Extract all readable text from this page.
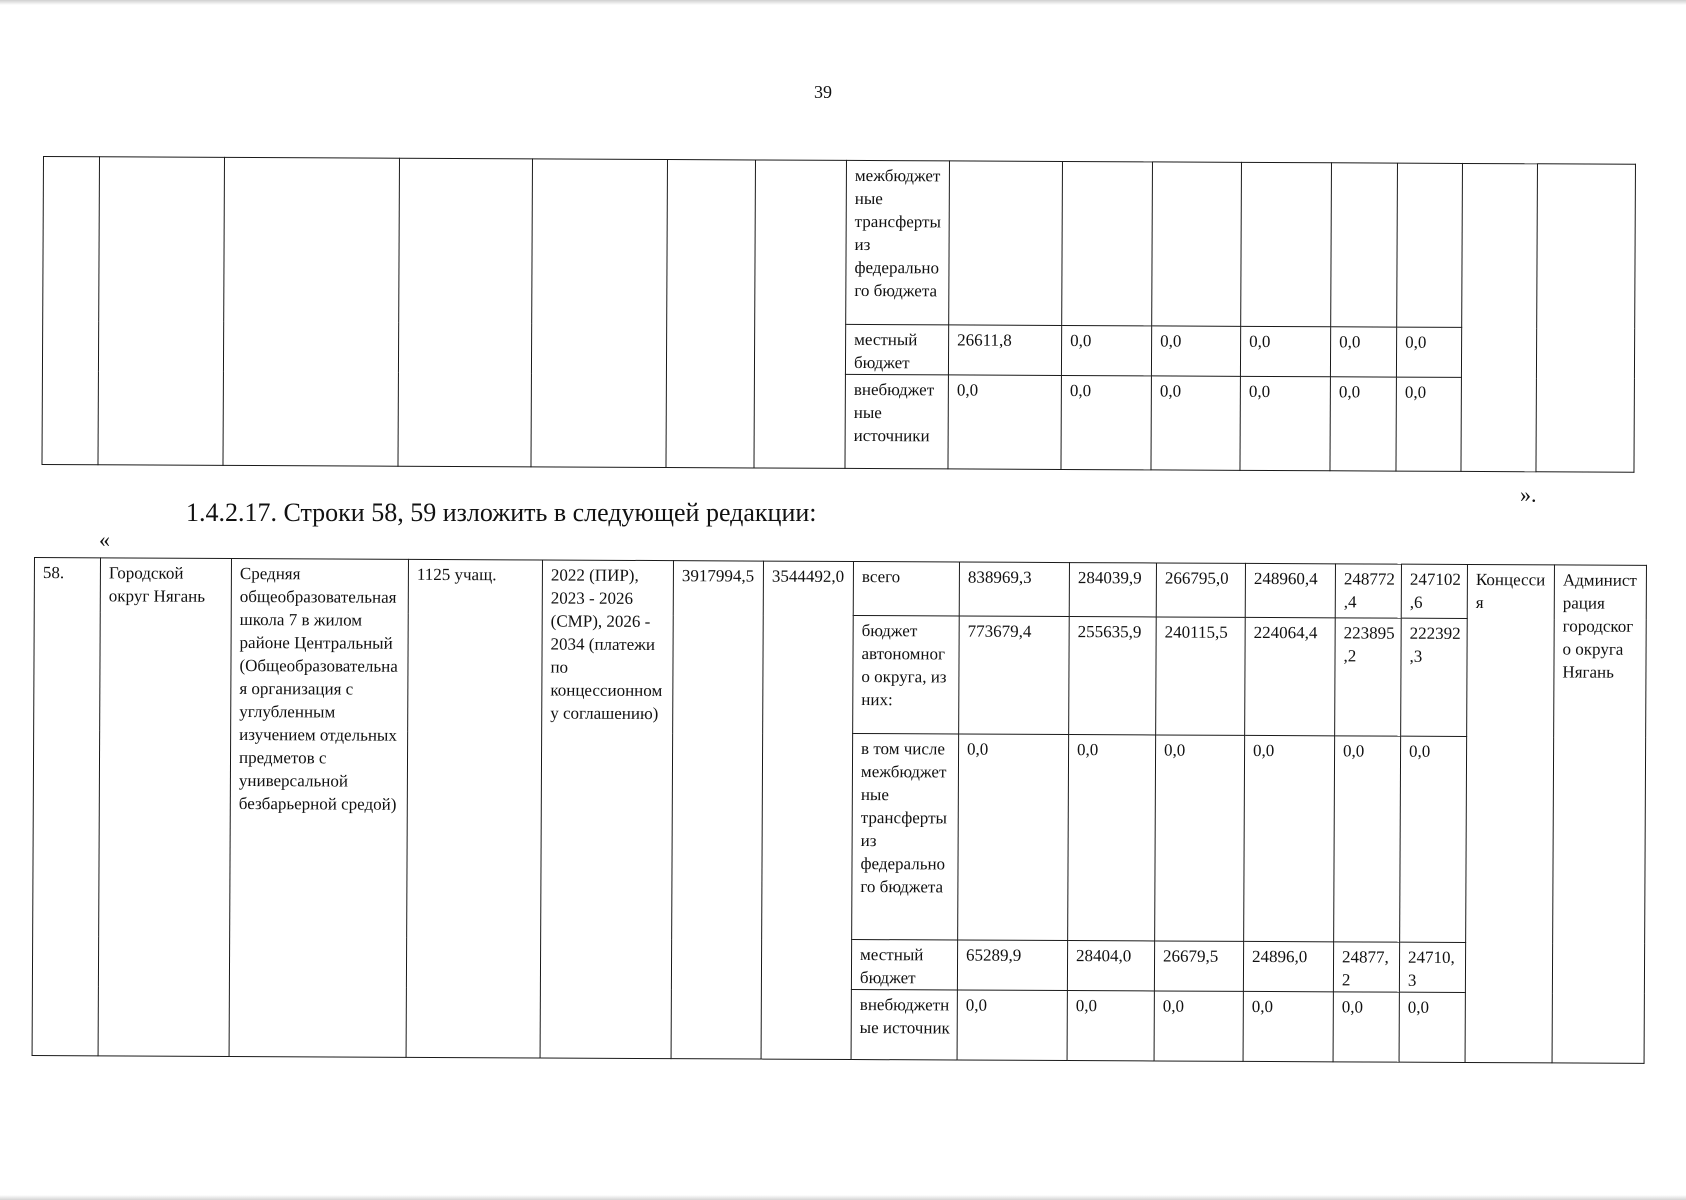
39
							межбюджетные трансферты из федерального бюджета								
							местный бюджет	26611,8	0,0	0,0	0,0	0,0	0,0		
							внебюджетные источники	0,0	0,0	0,0	0,0	0,0	0,0		
1.4.2.17. Строки 58, 59 изложить в следующей редакции:
».
«
58.	Городской округ Нягань	Средняя общеобразовательная школа 7 в жилом районе Центральный (Общеобразовательная организация с углубленным изучением отдельных предметов с универсальной безбарьерной средой)	1125 учащ.	2022 (ПИР), 2023 - 2026 (СМР), 2026 - 2034 (платежи по концессионному соглашению)	3917994,5	3544492,0	всего	838969,3	284039,9	266795,0	248960,4	248772,4	247102,6	Концессия	Администрация городского округа Нягань
							бюджет автономного округа, из них:	773679,4	255635,9	240115,5	224064,4	223895,2	222392,3		
							в том числе межбюджетные трансферты из федерального бюджета	0,0	0,0	0,0	0,0	0,0	0,0		
							местный бюджет	65289,9	28404,0	26679,5	24896,0	24877,2	24710,3		
							внебюджетные источник	0,0	0,0	0,0	0,0	0,0	0,0		
